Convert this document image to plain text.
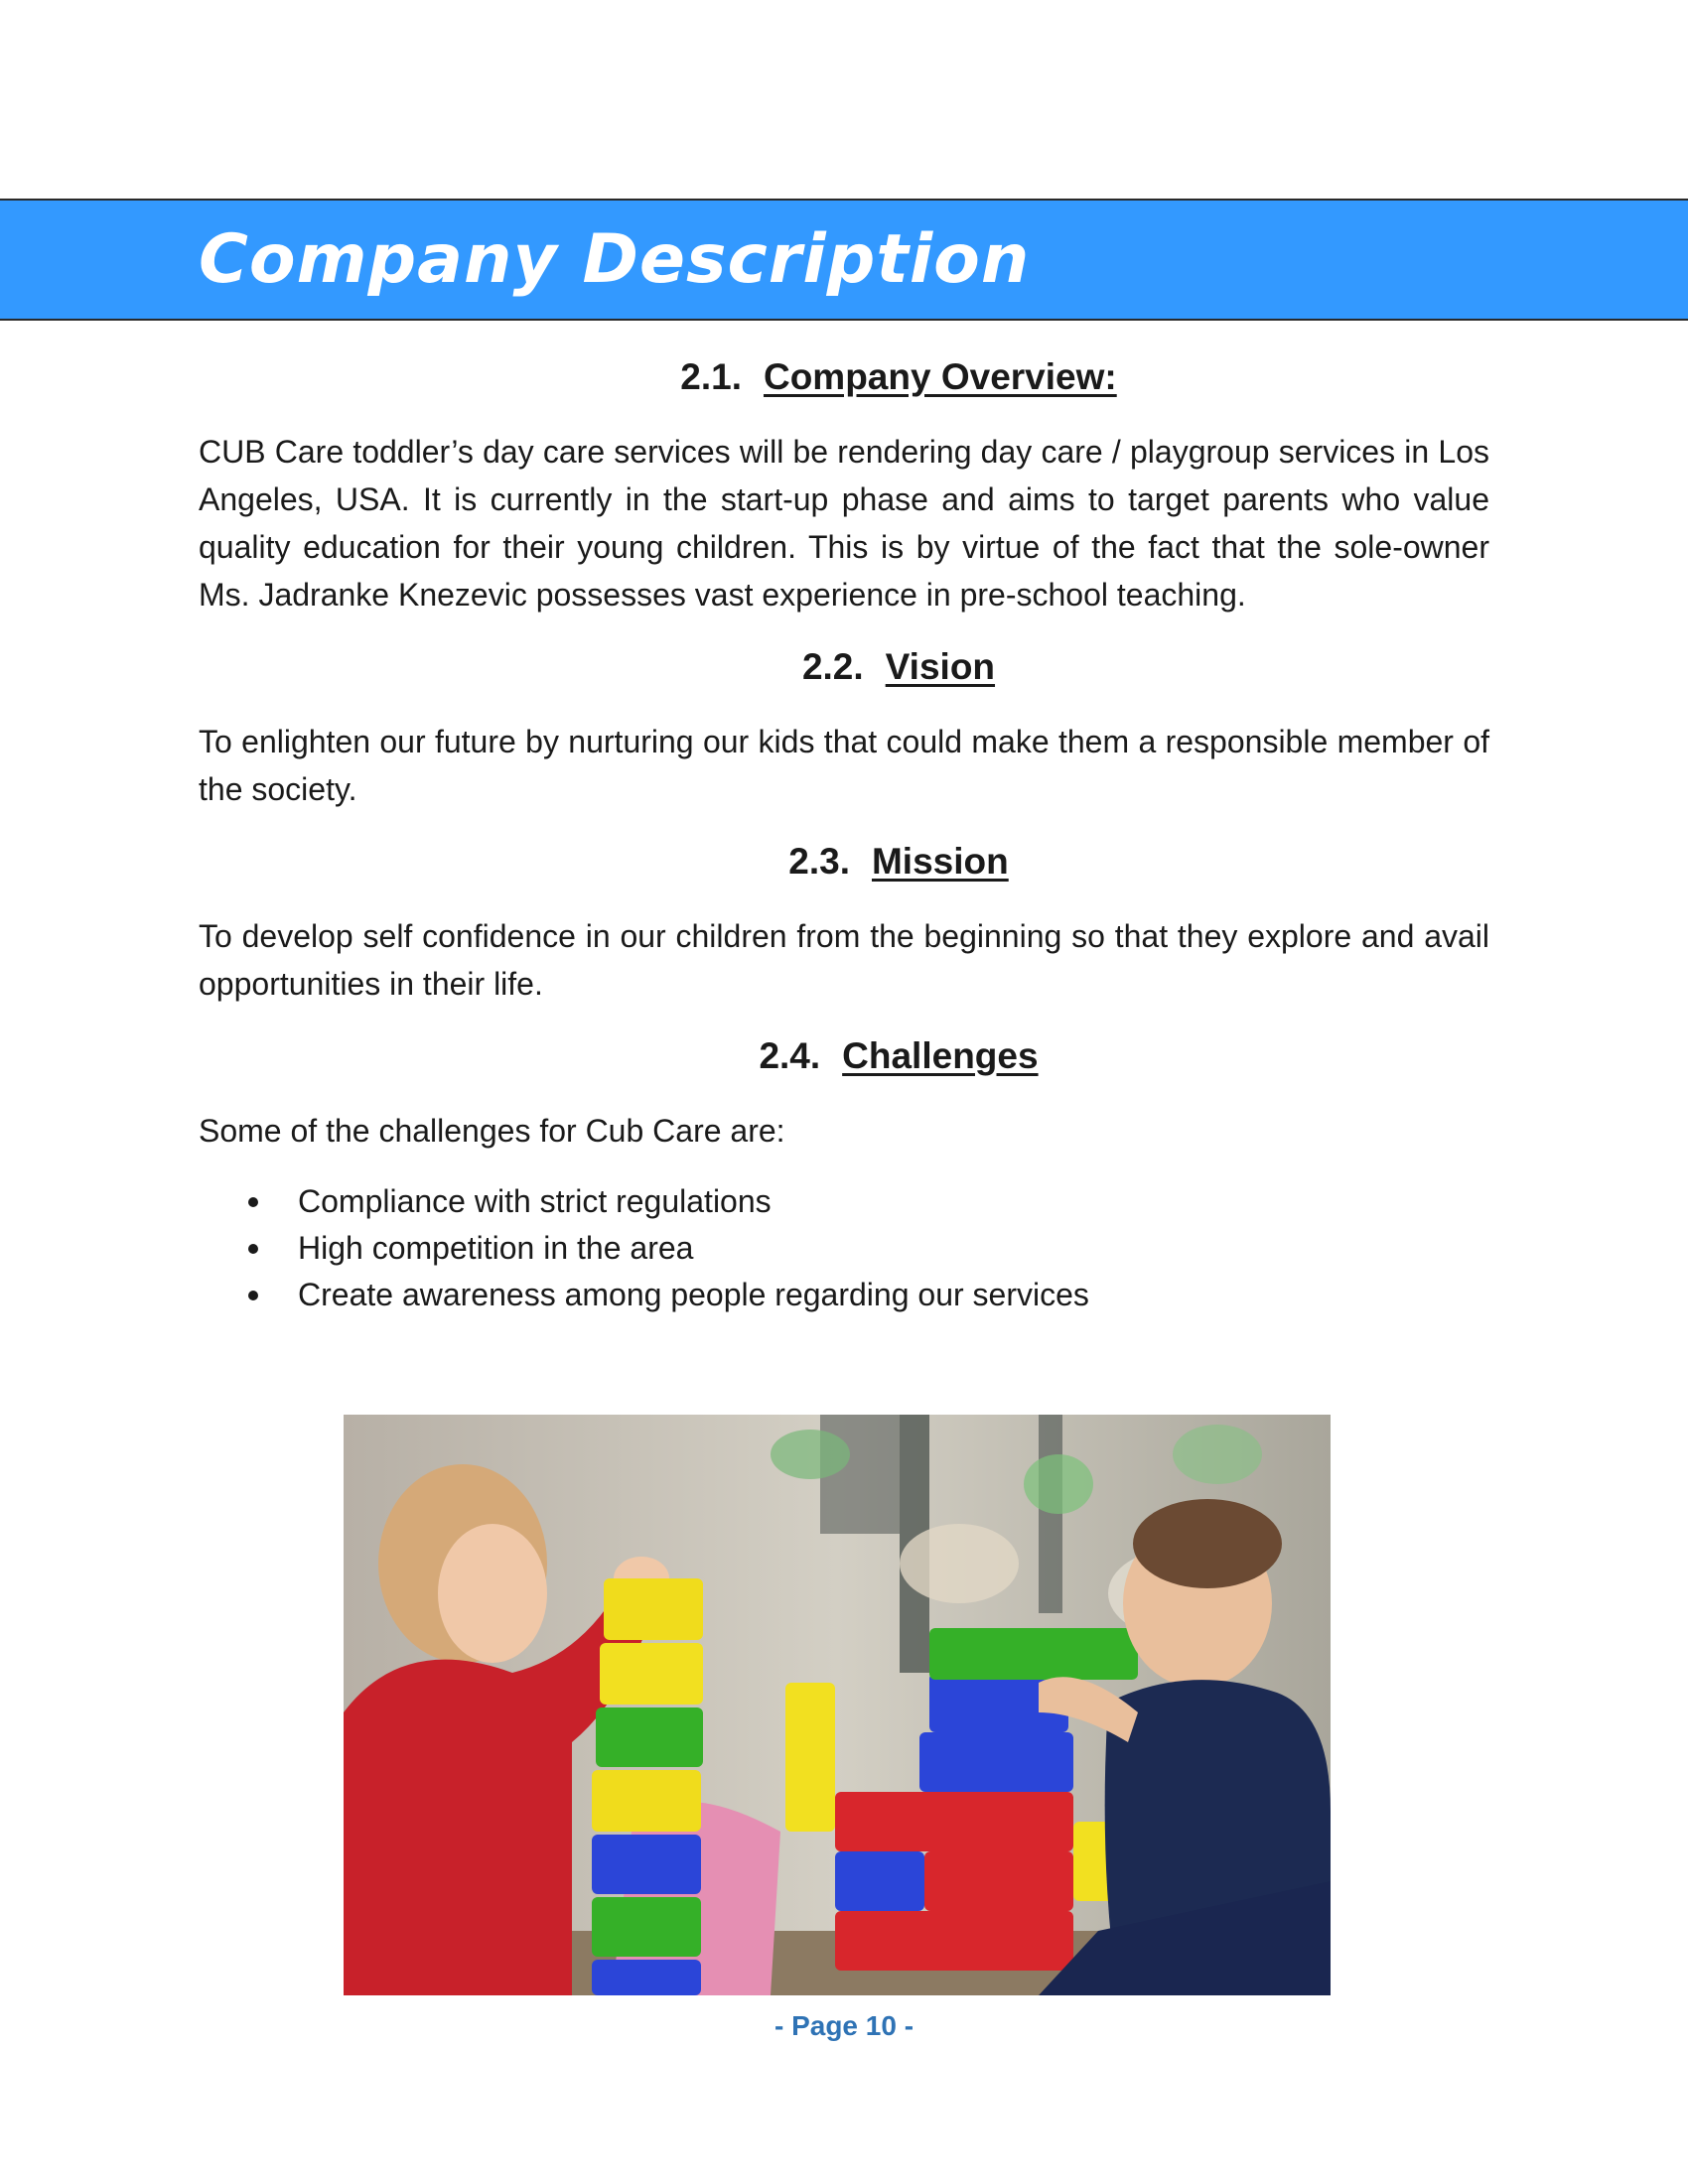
Company Description
2.1. Company Overview:

CUB Care toddler’s day care services will be rendering day care / playgroup services in Los Angeles, USA. It is currently in the start-up phase and aims to target parents who value quality education for their young children. This is by virtue of the fact that the sole-owner Ms. Jadranke Knezevic possesses vast experience in pre-school teaching.

2.2. Vision

To enlighten our future by nurturing our kids that could make them a responsible member of the society.

2.3. Mission

To develop self confidence in our children from the beginning so that they explore and avail opportunities in their life.

2.4. Challenges

Some of the challenges for Cub Care are:

Compliance with strict regulations
High competition in the area
Create awareness among people regarding our services
- Page 10 -
